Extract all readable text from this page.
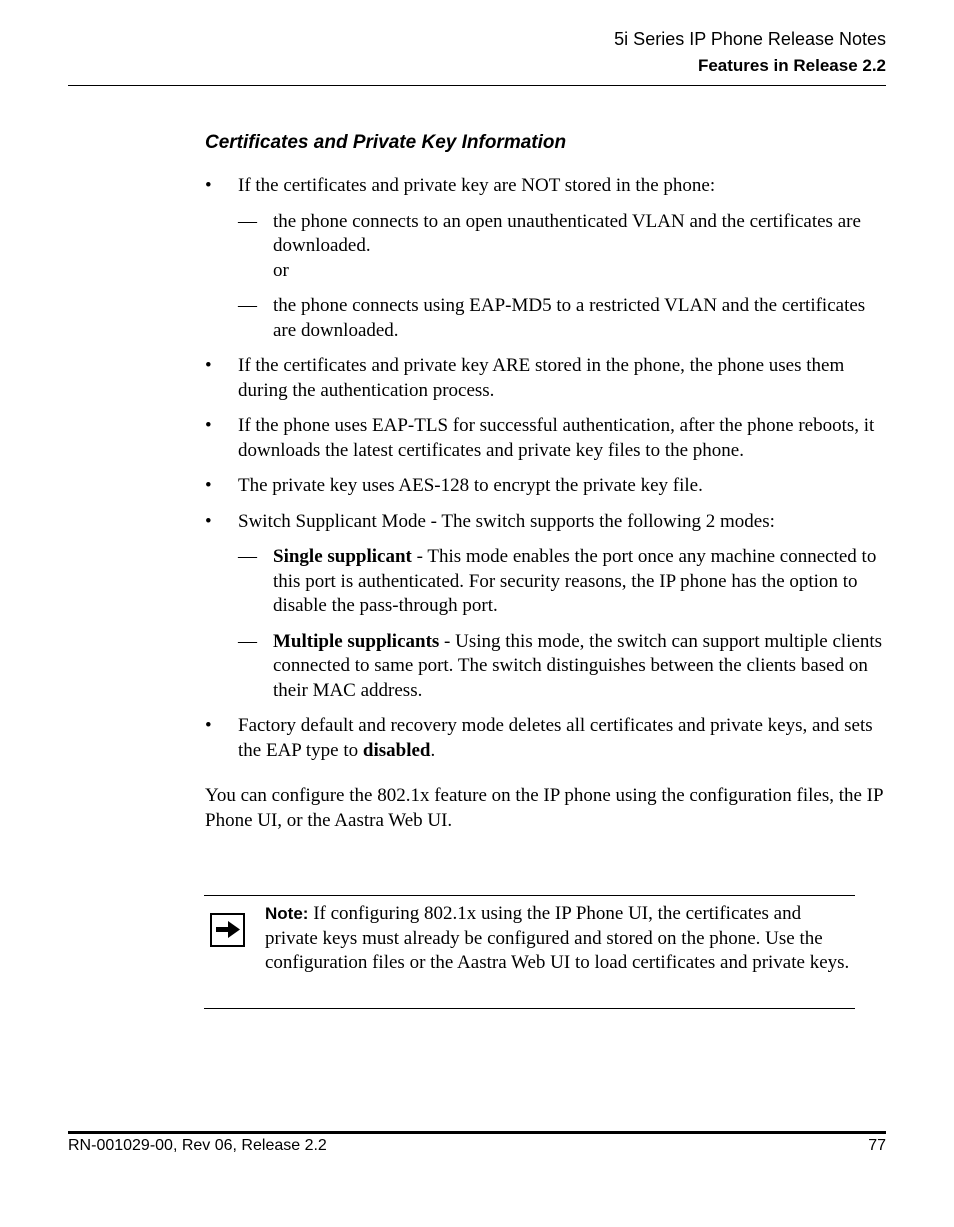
5i Series IP Phone Release Notes
Features in Release 2.2
Certificates and Private Key Information
• If the certificates and private key are NOT stored in the phone:
— the phone connects to an open unauthenticated VLAN and the certificates are downloaded.
or
— the phone connects using EAP-MD5 to a restricted VLAN and the certificates are downloaded.
• If the certificates and private key ARE stored in the phone, the phone uses them during the authentication process.
• If the phone uses EAP-TLS for successful authentication, after the phone reboots, it downloads the latest certificates and private key files to the phone.
• The private key uses AES-128 to encrypt the private key file.
• Switch Supplicant Mode - The switch supports the following 2 modes:
— Single supplicant - This mode enables the port once any machine connected to this port is authenticated. For security reasons, the IP phone has the option to disable the pass-through port.
— Multiple supplicants - Using this mode, the switch can support multiple clients connected to same port. The switch distinguishes between the clients based on their MAC address.
• Factory default and recovery mode deletes all certificates and private keys, and sets the EAP type to disabled.
You can configure the 802.1x feature on the IP phone using the configuration files, the IP Phone UI, or the Aastra Web UI.
Note: If configuring 802.1x using the IP Phone UI, the certificates and private keys must already be configured and stored on the phone. Use the configuration files or the Aastra Web UI to load certificates and private keys.
RN-001029-00, Rev 06, Release 2.2	77
